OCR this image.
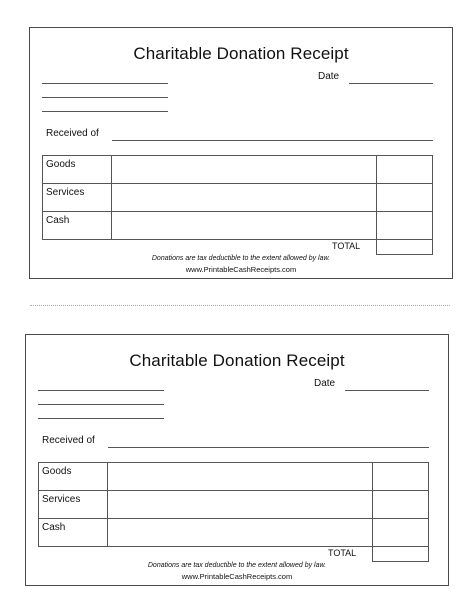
Charitable Donation Receipt
Date
Received of
Goods		
Services		
Cash		
TOTAL
Donations are tax deductible to the extent allowed by law.
www.PrintableCashReceipts.com
Charitable Donation Receipt
Date
Received of
Goods		
Services		
Cash		
TOTAL
Donations are tax deductible to the extent allowed by law.
www.PrintableCashReceipts.com
